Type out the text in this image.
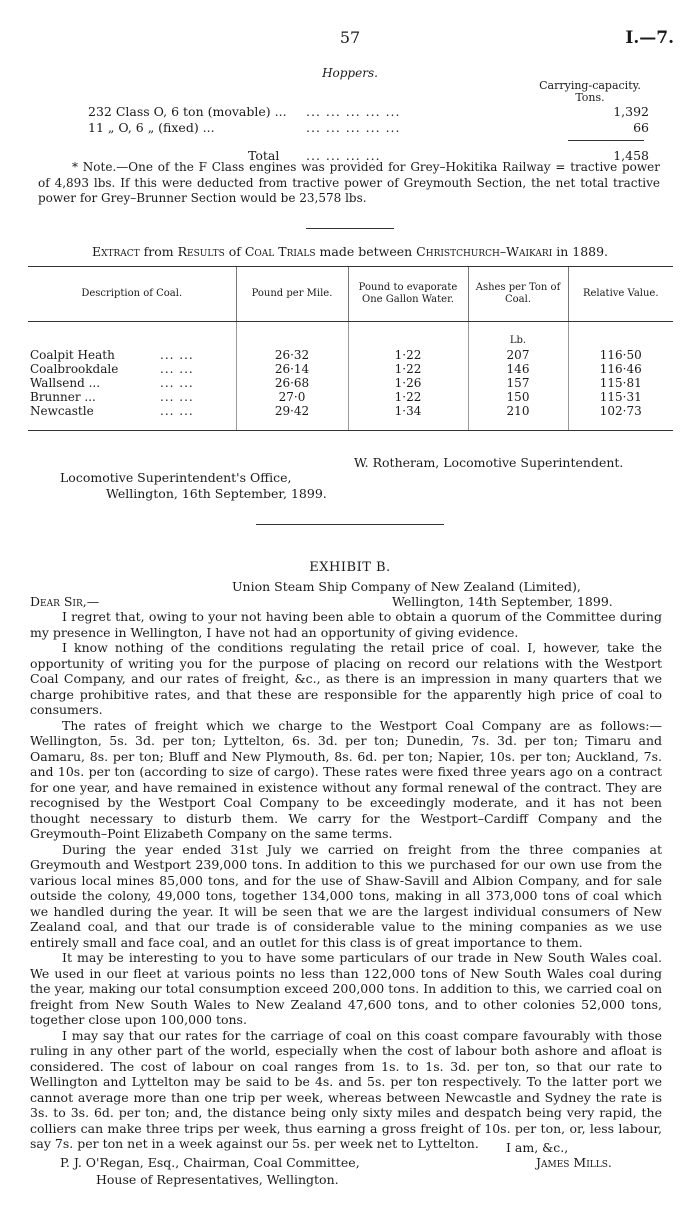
57	I.—7.
Hoppers.
Carrying-capacity.
Tons.
232 Class O, 6 ton (movable) ... ... ... ... ... ...	1,392
11 „ O, 6 „ (fixed) ...	... ... ... ... ...	66
Total ... ... ... ...	1,458
* Note.—One of the F Class engines was provided for Grey–Hokitika Railway = tractive power of 4,893 lbs. If this were deducted from tractive power of Greymouth Section, the net total tractive power for Grey–Brunner Section would be 23,578 lbs.
Extract from Results of Coal Trials made between Christchurch–Waikari in 1889.
Description of Coal.	Pound per Mile.	Pound to evaporate One Gallon Water.	Ashes per Ton of Coal.	Relative Value.
			Lb.	
Coalpit Heath ... ...	26·32	1·22	207	116·50
Coalbrookdale ... ...	26·14	1·22	146	116·46
Wallsend ... ... ...	26·68	1·26	157	115·81
Brunner ... ... ...	27·0	1·22	150	115·31
Newcastle ... ...	29·42	1·34	210	102·73
W. Rotheram, Locomotive Superintendent.
Locomotive Superintendent's Office,
Wellington, 16th September, 1899.
EXHIBIT B.
Union Steam Ship Company of New Zealand (Limited),
Dear Sir,—	Wellington, 14th September, 1899.

I regret that, owing to your not having been able to obtain a quorum of the Committee during my presence in Wellington, I have not had an opportunity of giving evidence.

I know nothing of the conditions regulating the retail price of coal. I, however, take the opportunity of writing you for the purpose of placing on record our relations with the Westport Coal Company, and our rates of freight, &c., as there is an impression in many quarters that we charge prohibitive rates, and that these are responsible for the apparently high price of coal to consumers.

The rates of freight which we charge to the Westport Coal Company are as follows:—Wellington, 5s. 3d. per ton; Lyttelton, 6s. 3d. per ton; Dunedin, 7s. 3d. per ton; Timaru and Oamaru, 8s. per ton; Bluff and New Plymouth, 8s. 6d. per ton; Napier, 10s. per ton; Auckland, 7s. and 10s. per ton (according to size of cargo). These rates were fixed three years ago on a contract for one year, and have remained in existence without any formal renewal of the contract. They are recognised by the Westport Coal Company to be exceedingly moderate, and it has not been thought necessary to disturb them. We carry for the Westport–Cardiff Company and the Greymouth–Point Elizabeth Company on the same terms.

During the year ended 31st July we carried on freight from the three companies at Greymouth and Westport 239,000 tons. In addition to this we purchased for our own use from the various local mines 85,000 tons, and for the use of Shaw-Savill and Albion Company, and for sale outside the colony, 49,000 tons, together 134,000 tons, making in all 373,000 tons of coal which we handled during the year. It will be seen that we are the largest individual consumers of New Zealand coal, and that our trade is of considerable value to the mining companies as we use entirely small and face coal, and an outlet for this class is of great importance to them.

It may be interesting to you to have some particulars of our trade in New South Wales coal. We used in our fleet at various points no less than 122,000 tons of New South Wales coal during the year, making our total consumption exceed 200,000 tons. In addition to this, we carried coal on freight from New South Wales to New Zealand 47,600 tons, and to other colonies 52,000 tons, together close upon 100,000 tons.

I may say that our rates for the carriage of coal on this coast compare favourably with those ruling in any other part of the world, especially when the cost of labour both ashore and afloat is considered. The cost of labour on coal ranges from 1s. to 1s. 3d. per ton, so that our rate to Wellington and Lyttelton may be said to be 4s. and 5s. per ton respectively. To the latter port we cannot average more than one trip per week, whereas between Newcastle and Sydney the rate is 3s. to 3s. 6d. per ton; and, the distance being only sixty miles and despatch being very rapid, the colliers can make three trips per week, thus earning a gross freight of 10s. per ton, or, less labour, say 7s. per ton net in a week against our 5s. per week net to Lyttelton.	I am, &c.,
James Mills.
P. J. O'Regan, Esq., Chairman, Coal Committee,
House of Representatives, Wellington.
